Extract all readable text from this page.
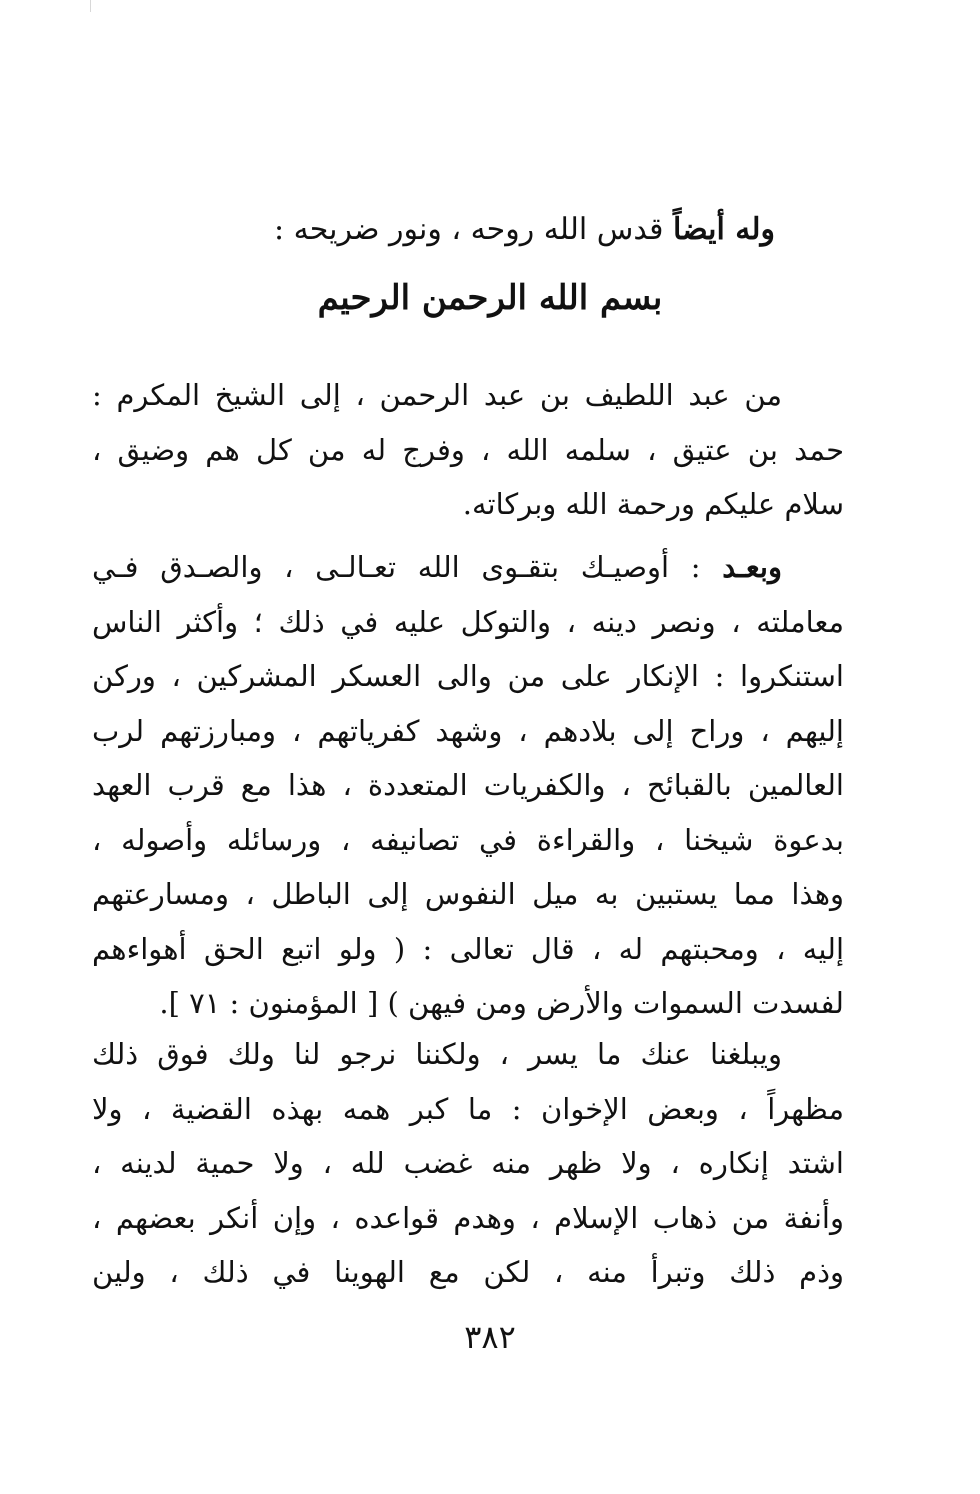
وله أيضاً قدس الله روحه ، ونور ضريحه :
بسم الله الرحمن الرحيم
من عبد اللطيف بن عبد الرحمن ، إلى الشيخ المكرم :
حمد بن عتيق ، سلمه الله ، وفرج له من كل هم وضيق ،
سلام عليكم ورحمة الله وبركاته.
وبعـد : أوصيـك بتقـوى الله تعـالـى ، والصـدق فـي
معاملته ، ونصر دينه ، والتوكل عليه في ذلك ؛ وأكثر الناس
استنكروا : الإنكار على من والى العسكر المشركين ، وركن
إليهم ، وراح إلى بلادهم ، وشهد كفرياتهم ، ومبارزتهم لرب
العالمين بالقبائح ، والكفريات المتعددة ، هذا مع قرب العهد
بدعوة شيخنا ، والقراءة في تصانيفه ، ورسائله وأصوله ،
وهذا مما يستبين به ميل النفوس إلى الباطل ، ومسارعتهم
إليه ، ومحبتهم له ، قال تعالى : ( ولو اتبع الحق أهواءهم
لفسدت السموات والأرض ومن فيهن ) [ المؤمنون : ٧١ ].
ويبلغنا عنك ما يسر ، ولكننا نرجو لنا ولك فوق ذلك
مظهراً ، وبعض الإخوان : ما كبر همه بهذه القضية ، ولا
اشتد إنكاره ، ولا ظهر منه غضب لله ، ولا حمية لدينه ،
وأنفة من ذهاب الإسلام ، وهدم قواعده ، وإن أنكر بعضهم ،
وذم ذلك وتبرأ منه ، لكن مع الهوينا في ذلك ، ولين
٣٨٢
